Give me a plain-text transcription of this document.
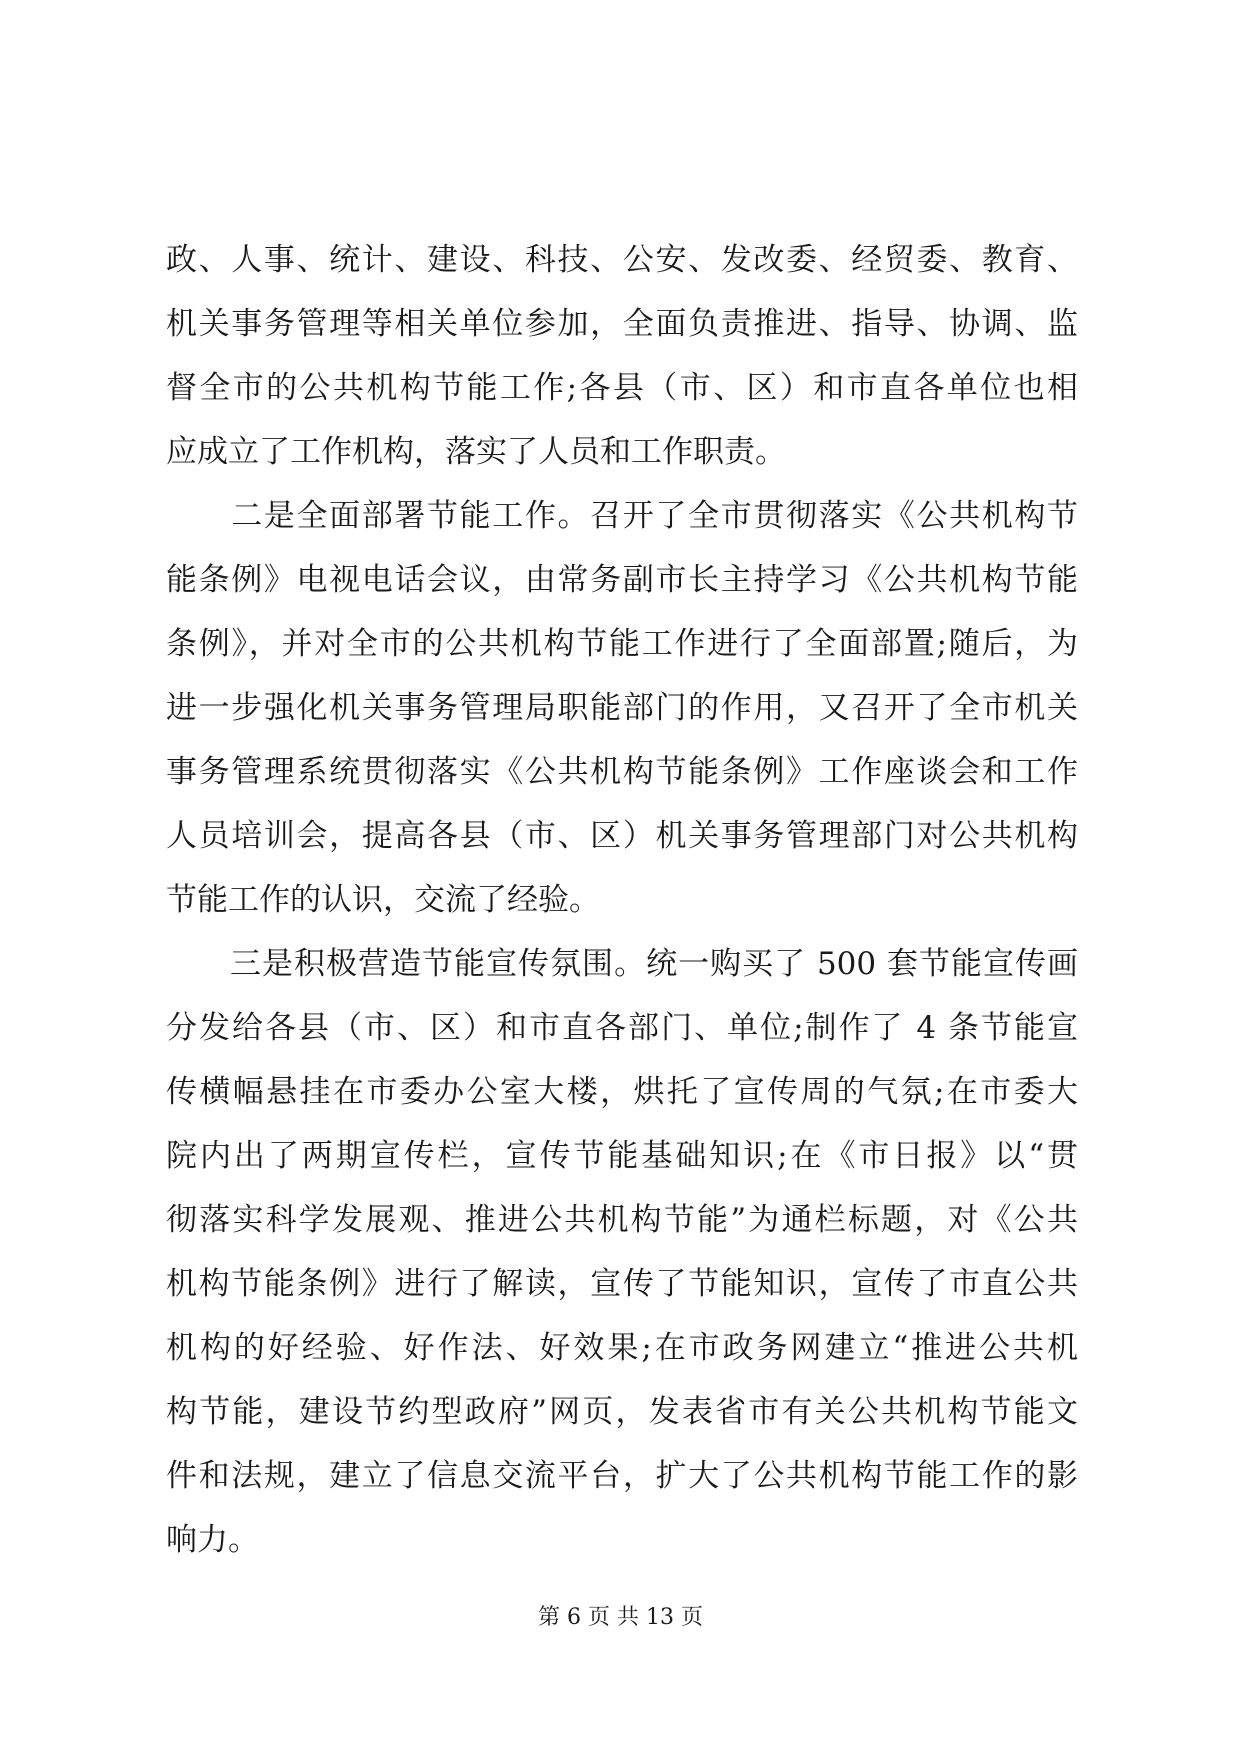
政、人事、统计、建设、科技、公安、发改委、经贸委、教育、
机关事务管理等相关单位参加，全面负责推进、指导、协调、监
督全市的公共机构节能工作;各县（市、区）和市直各单位也相
应成立了工作机构，落实了人员和工作职责。
　　二是全面部署节能工作。召开了全市贯彻落实《公共机构节
能条例》电视电话会议，由常务副市长主持学习《公共机构节能
条例》，并对全市的公共机构节能工作进行了全面部置;随后，为
进一步强化机关事务管理局职能部门的作用，又召开了全市机关
事务管理系统贯彻落实《公共机构节能条例》工作座谈会和工作
人员培训会，提高各县（市、区）机关事务管理部门对公共机构
节能工作的认识，交流了经验。
　　三是积极营造节能宣传氛围。统一购买了 500 套节能宣传画
分发给各县（市、区）和市直各部门、单位;制作了 4 条节能宣
传横幅悬挂在市委办公室大楼，烘托了宣传周的气氛;在市委大
院内出了两期宣传栏，宣传节能基础知识;在《市日报》以“贯
彻落实科学发展观、推进公共机构节能”为通栏标题，对《公共
机构节能条例》进行了解读，宣传了节能知识，宣传了市直公共
机构的好经验、好作法、好效果;在市政务网建立“推进公共机
构节能，建设节约型政府”网页，发表省市有关公共机构节能文
件和法规，建立了信息交流平台，扩大了公共机构节能工作的影
响力。
第 6 页 共 13 页
